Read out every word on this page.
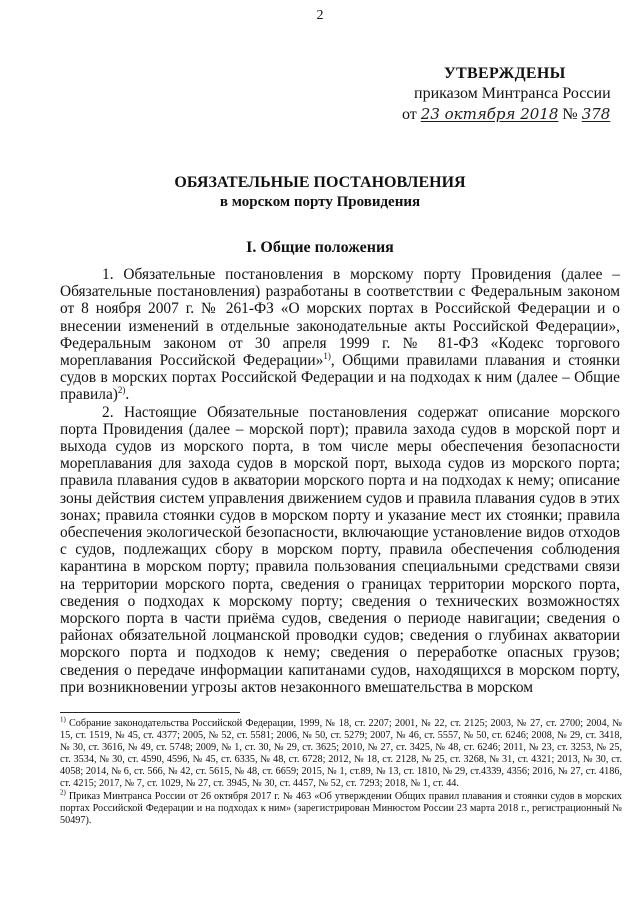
2
УТВЕРЖДЕНЫ
приказом Минтранса России
от 23 октября 2018 № 378
ОБЯЗАТЕЛЬНЫЕ ПОСТАНОВЛЕНИЯ
в морском порту Провидения
I. Общие положения

1. Обязательные постановления в морскому порту Провидения (далее – Обязательные постановления) разработаны в соответствии с Федеральным законом от 8 ноября 2007 г. № 261-ФЗ «О морских портах в Российской Федерации и о внесении изменений в отдельные законодательные акты Российской Федерации», Федеральным законом от 30 апреля 1999 г. № 81-ФЗ «Кодекс торгового мореплавания Российской Федерации»$^{1)}$, Общими правилами плавания и стоянки судов в морских портах Российской Федерации и на подходах к ним (далее – Общие правила)$^{2)}$.

2. Настоящие Обязательные постановления содержат описание морского порта Провидения (далее – морской порт); правила захода судов в морской порт и выхода судов из морского порта, в том числе меры обеспечения безопасности мореплавания для захода судов в морской порт, выхода судов из морского порта; правила плавания судов в акватории морского порта и на подходах к нему; описание зоны действия систем управления движением судов и правила плавания судов в этих зонах; правила стоянки судов в морском порту и указание мест их стоянки; правила обеспечения экологической безопасности, включающие установление видов отходов с судов, подлежащих сбору в морском порту, правила обеспечения соблюдения карантина в морском порту; правила пользования специальными средствами связи на территории морского порта, сведения о границах территории морского порта, сведения о подходах к морскому порту; сведения о технических возможностях морского порта в части приёма судов, сведения о периоде навигации; сведения о районах обязательной лоцманской проводки судов; сведения о глубинах акватории морского порта и подходов к нему; сведения о переработке опасных грузов; сведения о передаче информации капитанами судов, находящихся в морском порту, при возникновении угрозы актов незаконного вмешательства в морском

$^{1)}$ Собрание законодательства Российской Федерации, 1999, № 18, ст. 2207; 2001, № 22, ст. 2125; 2003, № 27, ст. 2700; 2004, № 15, ст. 1519, № 45, ст. 4377; 2005, № 52, ст. 5581; 2006, № 50, ст. 5279; 2007, № 46, ст. 5557, № 50, ст. 6246; 2008, № 29, ст. 3418, № 30, ст. 3616, № 49, ст. 5748; 2009, № 1, ст. 30, № 29, ст. 3625; 2010, № 27, ст. 3425, № 48, ст. 6246; 2011, № 23, ст. 3253, № 25, ст. 3534, № 30, ст. 4590, 4596, № 45, ст. 6335, № 48, ст. 6728; 2012, № 18, ст. 2128, № 25, ст. 3268, № 31, ст. 4321; 2013, № 30, ст. 4058; 2014, № 6, ст. 566, № 42, ст. 5615, № 48, ст. 6659; 2015, № 1, ст.89, № 13, ст. 1810, № 29, ст.4339, 4356; 2016, № 27, ст. 4186, ст. 4215; 2017, № 7, ст. 1029, № 27, ст. 3945, № 30, ст. 4457, № 52, ст. 7293; 2018, № 1, ст. 44.

$^{2)}$ Приказ Минтранса России от 26 октября 2017 г. № 463 «Об утверждении Общих правил плавания и стоянки судов в морских портах Российской Федерации и на подходах к ним» (зарегистрирован Минюстом России 23 марта 2018 г., регистрационный № 50497).
